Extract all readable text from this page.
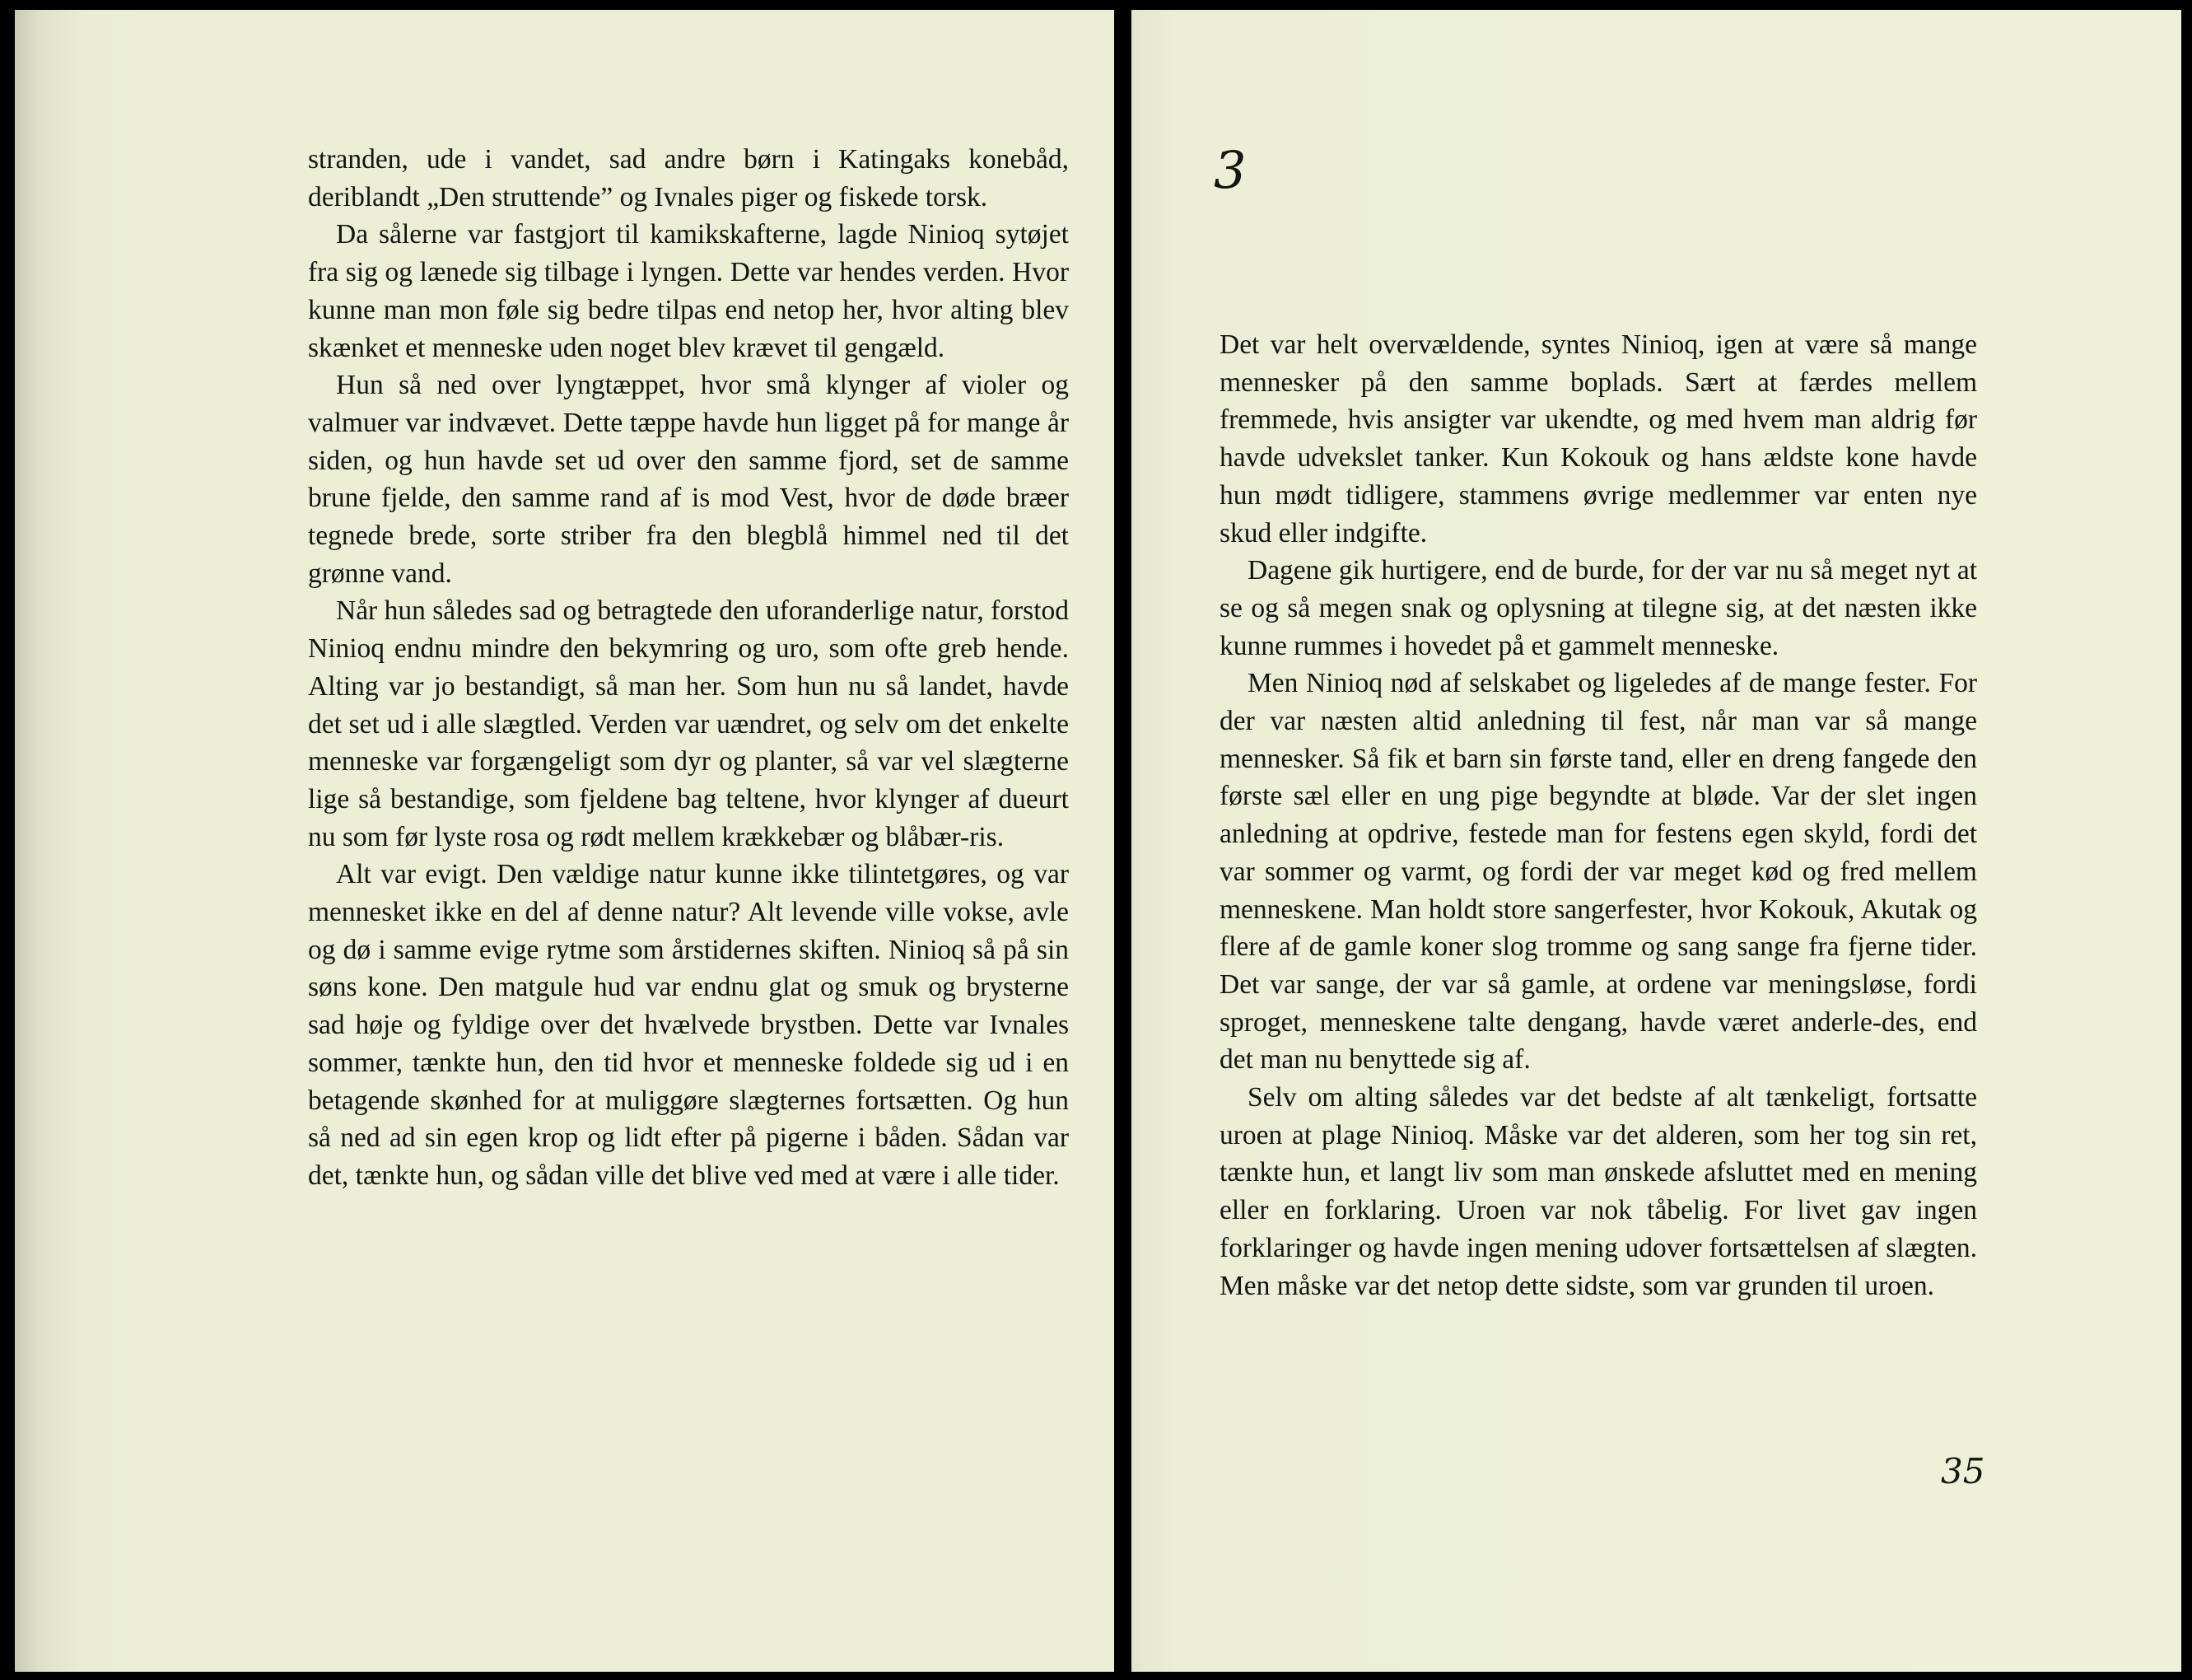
stranden, ude i vandet, sad andre børn i Katingaks konebåd, deriblandt „Den struttende” og Ivnales piger og fiskede torsk.

Da sålerne var fastgjort til kamikskafterne, lagde Ninioq sytøjet fra sig og lænede sig tilbage i lyngen. Dette var hendes verden. Hvor kunne man mon føle sig bedre tilpas end netop her, hvor alting blev skænket et menneske uden noget blev krævet til gengæld.

Hun så ned over lyngtæppet, hvor små klynger af violer og valmuer var indvævet. Dette tæppe havde hun ligget på for mange år siden, og hun havde set ud over den samme fjord, set de samme brune fjelde, den samme rand af is mod Vest, hvor de døde bræer tegnede brede, sorte striber fra den blegblå himmel ned til det grønne vand.

Når hun således sad og betragtede den uforanderlige natur, forstod Ninioq endnu mindre den bekymring og uro, som ofte greb hende. Alting var jo bestandigt, så man her. Som hun nu så landet, havde det set ud i alle slægtled. Verden var uændret, og selv om det enkelte menneske var forgængeligt som dyr og planter, så var vel slægterne lige så bestandige, som fjeldene bag teltene, hvor klynger af dueurt nu som før lyste rosa og rødt mellem krækkebær og blåbær-ris.

Alt var evigt. Den vældige natur kunne ikke tilintetgøres, og var mennesket ikke en del af denne natur? Alt levende ville vokse, avle og dø i samme evige rytme som årstidernes skiften. Ninioq så på sin søns kone. Den matgule hud var endnu glat og smuk og brysterne sad høje og fyldige over det hvælvede brystben. Dette var Ivnales sommer, tænkte hun, den tid hvor et menneske foldede sig ud i en betagende skønhed for at muliggøre slægternes fortsætten. Og hun så ned ad sin egen krop og lidt efter på pigerne i båden. Sådan var det, tænkte hun, og sådan ville det blive ved med at være i alle tider.

3

Det var helt overvældende, syntes Ninioq, igen at være så mange mennesker på den samme boplads. Sært at færdes mellem fremmede, hvis ansigter var ukendte, og med hvem man aldrig før havde udvekslet tanker. Kun Kokouk og hans ældste kone havde hun mødt tidligere, stammens øvrige medlemmer var enten nye skud eller indgifte.

Dagene gik hurtigere, end de burde, for der var nu så meget nyt at se og så megen snak og oplysning at tilegne sig, at det næsten ikke kunne rummes i hovedet på et gammelt menneske.

Men Ninioq nød af selskabet og ligeledes af de mange fester. For der var næsten altid anledning til fest, når man var så mange mennesker. Så fik et barn sin første tand, eller en dreng fangede den første sæl eller en ung pige begyndte at bløde. Var der slet ingen anledning at opdrive, festede man for festens egen skyld, fordi det var sommer og varmt, og fordi der var meget kød og fred mellem menneskene. Man holdt store sangerfester, hvor Kokouk, Akutak og flere af de gamle koner slog tromme og sang sange fra fjerne tider. Det var sange, der var så gamle, at ordene var meningsløse, fordi sproget, menneskene talte dengang, havde været anderle-des, end det man nu benyttede sig af.

Selv om alting således var det bedste af alt tænkeligt, fortsatte uroen at plage Ninioq. Måske var det alderen, som her tog sin ret, tænkte hun, et langt liv som man ønskede afsluttet med en mening eller en forklaring. Uroen var nok tåbelig. For livet gav ingen forklaringer og havde ingen mening udover fortsættelsen af slægten. Men måske var det netop dette sidste, som var grunden til uroen.

35
